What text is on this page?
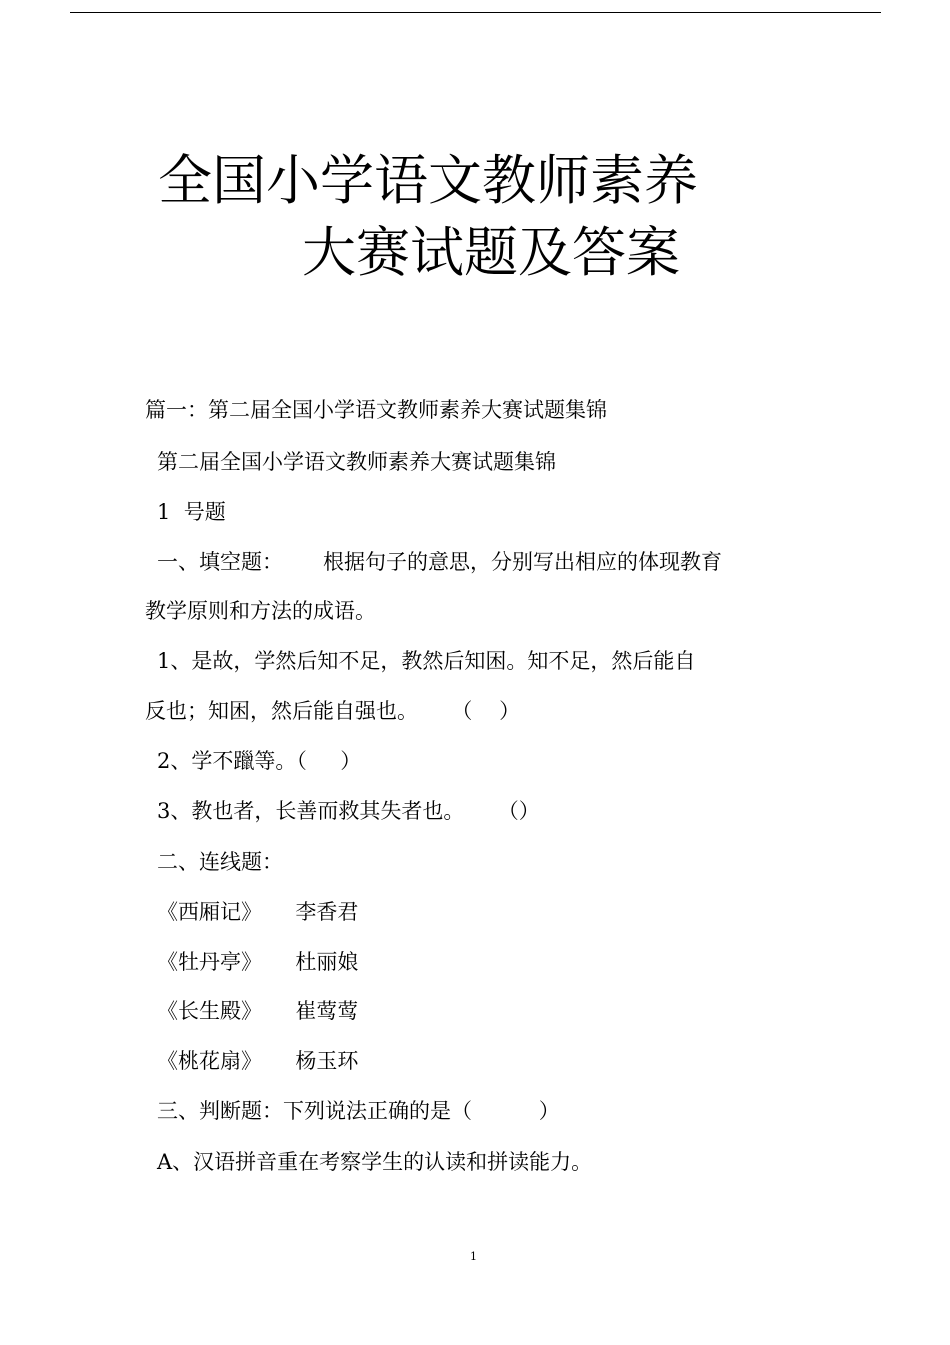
全国小学语文教师素养
大赛试题及答案
篇一：第二届全国小学语文教师素养大赛试题集锦
第二届全国小学语文教师素养大赛试题集锦
1  号题
一、填空题：      根据句子的意思，分别写出相应的体现教育
教学原则和方法的成语。
1、是故，学然后知不足，教然后知困。知不足，然后能自
反也；知困，然后能自强也。     （    ）
2、学不躐等。（     ）
3、教也者，长善而救其失者也。     （）
二、连线题：
《西厢记》     李香君
《牡丹亭》     杜丽娘
《长生殿》     崔莺莺
《桃花扇》     杨玉环
三、判断题：下列说法正确的是（          ）
A、汉语拼音重在考察学生的认读和拼读能力。
1
